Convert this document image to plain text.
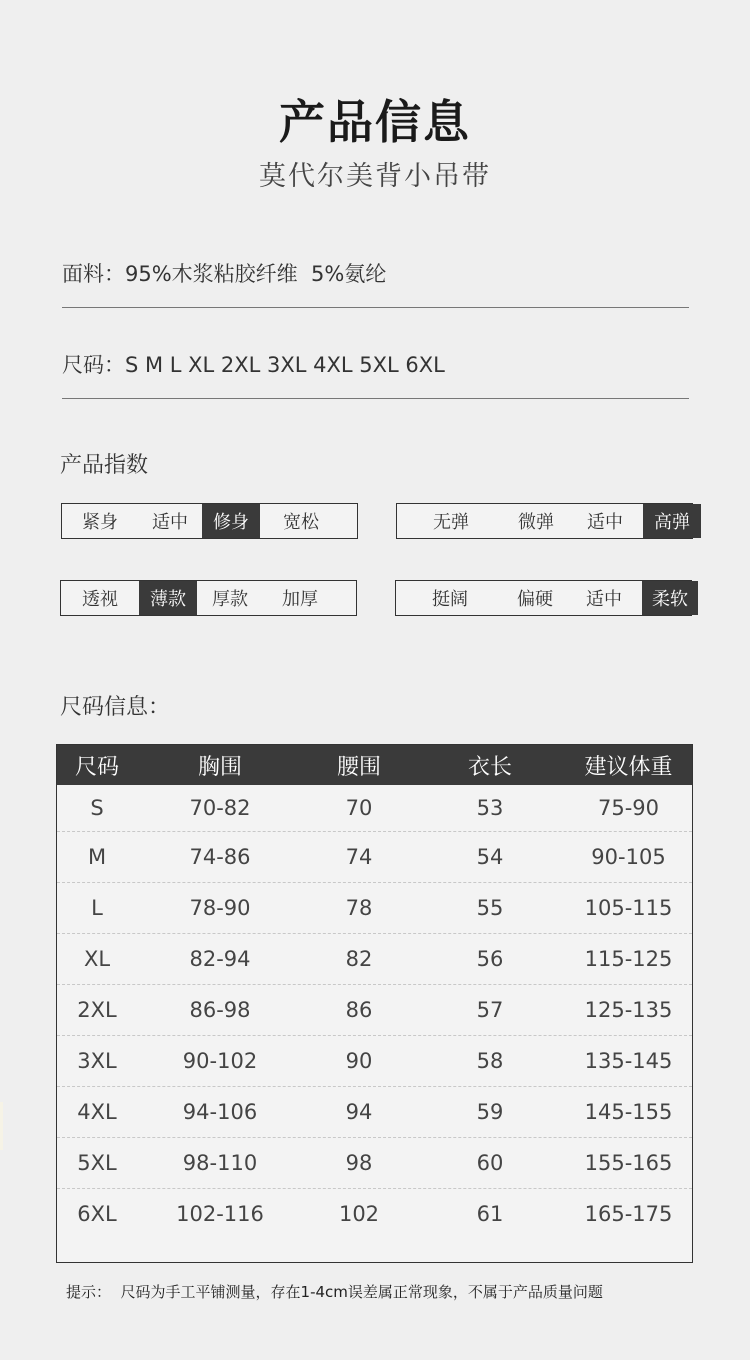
产品信息
莫代尔美背小吊带
面料：95%木浆粘胶纤维  5%氨纶
尺码：S M L XL 2XL 3XL 4XL 5XL 6XL
产品指数
紧身	适中	修身	宽松	无弹	微弹	适中	高弹
透视	薄款	厚款	加厚	挺阔	偏硬	适中	柔软
尺码信息：
尺码	胸围	腰围	衣长	建议体重
S	70-82	70	53	75-90
M	74-86	74	54	90-105
L	78-90	78	55	105-115
XL	82-94	82	56	115-125
2XL	86-98	86	57	125-135
3XL	90-102	90	58	135-145
4XL	94-106	94	59	145-155
5XL	98-110	98	60	155-165
6XL	102-116	102	61	165-175
提示：  尺码为手工平铺测量，存在1-4cm误差属正常现象，不属于产品质量问题
